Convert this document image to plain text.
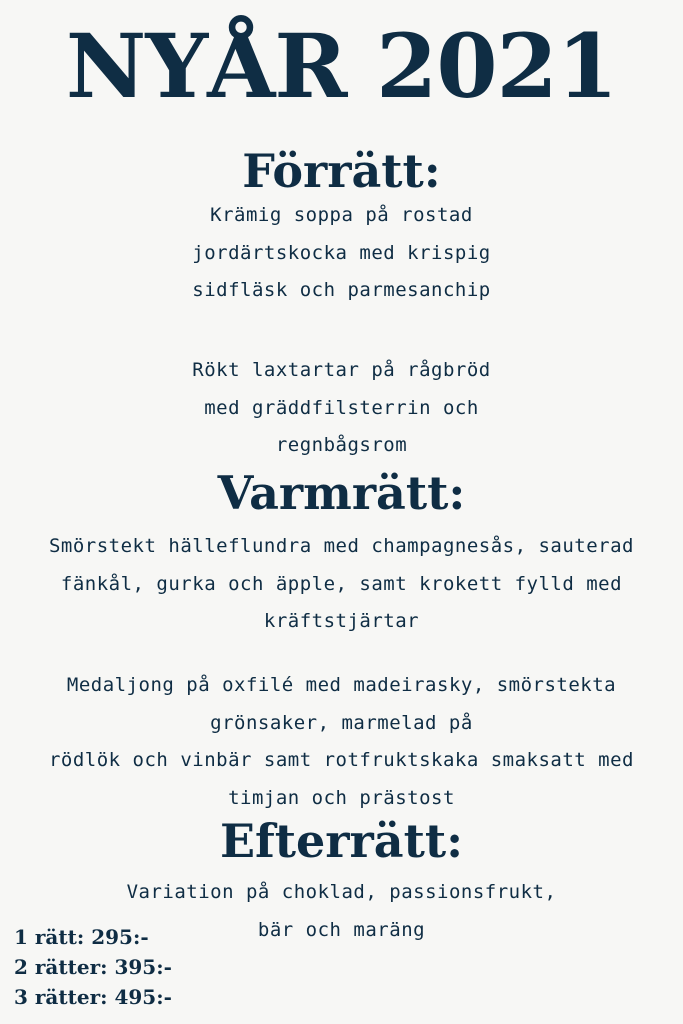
NYÅR 2021
Förrätt:
Krämig soppa på rostad
jordärtskocka med krispig
sidfläsk och parmesanchip
Rökt laxtartar på rågbröd
med gräddfilsterrin och
regnbågsrom
Varmrätt:
Smörstekt hälleflundra med champagnesås, sauterad
fänkål, gurka och äpple, samt krokett fylld med
kräftstjärtar
Medaljong på oxfilé med madeirasky, smörstekta
grönsaker, marmelad på
rödlök och vinbär samt rotfruktskaka smaksatt med
timjan och prästost
Efterrätt:
Variation på choklad, passionsfrukt,
bär och maräng
1 rätt: 295:-
2 rätter: 395:-
3 rätter: 495:-
